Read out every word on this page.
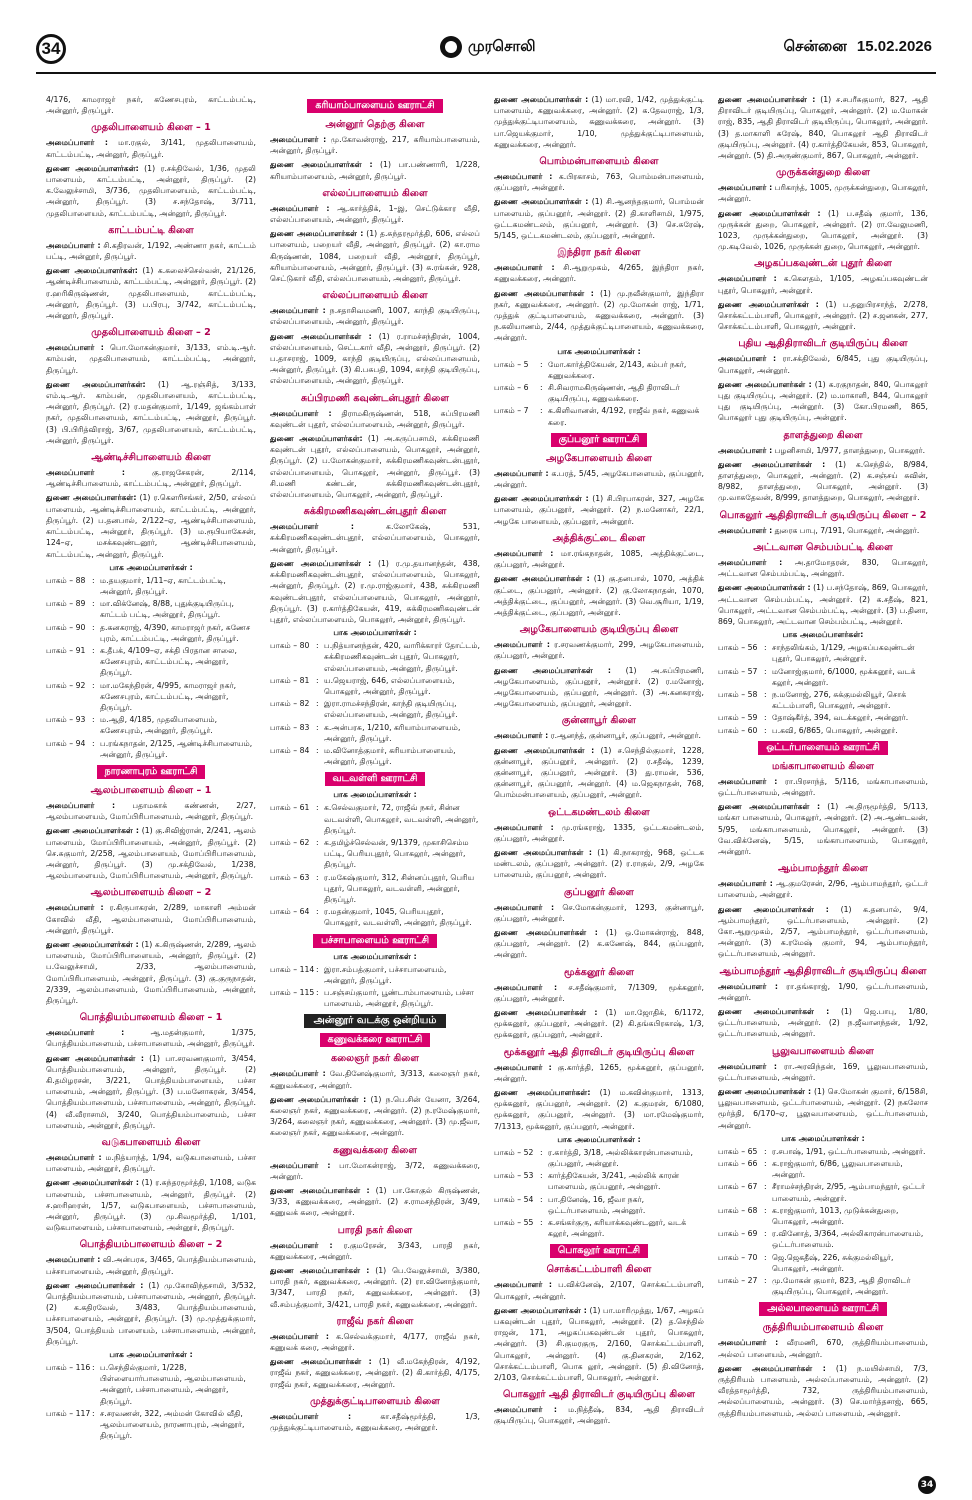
34	முரசொலி	சென்னை 15.02.2026

4/176, காமராஜர் நகர், கணேசபுரம், காட்டம்பட்டி, அன்னூர், திருப்பூர்.

முதலிபாளையம் கிளை – 1

அமைப்பாளர் : மா.ரகுல், 3/141, முதலிபாளையம், காட்டம்பட்டி, அன்னூர், திருப்பூர்.

துணை அமைப்பாளர்கள்: (1) ர.சக்திவேல், 1/36, முதலி பாளையம், காட்டம்பட்டி, அன்னூர், திருப்பூர். (2) க.வேலுச்சாமி, 3/736, முதலிபாளையம், காட்டம்பட்டி, அன்னூர், திருப்பூர். (3) ச.சந்தோஷ், 3/711, முதலிபாளையம், காட்டம்பட்டி, அன்னூர், திருப்பூர்.

காட்டம்பட்டி கிளை

அமைப்பாளர் : சி.கதிரவன், 1/192, அண்ணா நகர், காட்டம் பட்டி, அன்னூர், திருப்பூர்.

துணை அமைப்பாளர்கள்: (1) க.கலைச்செல்வன், 21/126, ஆண்டிச்சிபாளையம், காட்டம்பட்டி, அன்னூர், திருப்பூர். (2) ர.ஹரிகிருஷ்ணன், முதலிபாளையம், காட்டம்பட்டி, அன்னூர், திருப்பூர். (3) ப.பிரபு, 3/742, காட்டம்பட்டி, அன்னூர், திருப்பூர்.

முதலிபாளையம் கிளை – 2

அமைப்பாளர் : பொ.மோகன்குமார், 3/133, எம்.டி.ஆர். காம்பன், முதலிபாளையம், காட்டம்பட்டி, அன்னூர், திருப்பூர்.

துணை அமைப்பாளர்கள்: (1) ஆ.ரஞ்சித், 3/133, எம்.டி.ஆர். காம்பன், முதலிபாளையம், காட்டம்பட்டி, அன்னூர், திருப்பூர். (2) ர.மதன்குமார், 1/149, ஜங்கம்பாள் நகர், முதலிபாளையம், காட்டம்பட்டி, அன்னூர், திருப்பூர். (3) பி.பிரித்விராஜ், 3/67, முதலிபாளையம், காட்டம்பட்டி, அன்னூர், திருப்பூர்.

ஆண்டிச்சிபாளையம் கிளை

அமைப்பாளர் : கு.ராஜசேகரன், 2/114, ஆண்டிச்சிபாளையம், காட்டம்பட்டி, அன்னூர், திருப்பூர்.

துணை அமைப்பாளர்கள்: (1) ர.கௌரிசங்கர், 2/50, எல்லப் பாளையம், ஆண்டிச்சிபாளையம், காட்டம்பட்டி, அன்னூர், திருப்பூர். (2) ப.தனபால், 2/122–ஏ, ஆண்டிச்சிபாளையம், காட்டம்பட்டி, அன்னூர், திருப்பூர். (3) ம.ரூபியாகேசன், 124–ஏ, மசக்கவுண்டனூர், ஆண்டிச்சிபாளையம், காட்டம்பட்டி, அன்னூர், திருப்பூர்.

பாக அமைப்பாளர்கள் :
பாகம் – 88 : ம.தயகுமார், 1/11–ஏ, காட்டம்பட்டி, அன்னூர், திருப்பூர்.
பாகம் – 89 : மா.விக்னேஷ், 8/88, புதுக்குடியிருப்பு, காட்டம் பட்டி, அன்னூர், திருப்பூர்.
பாகம் – 90 : த.கனகராஜ், 4/390, காமராஜர் நகர், கணேச புரம், காட்டம்பட்டி, அன்னூர், திருப்பூர்.
பாகம் – 91 : க.தீபக், 4/109–ஏ, சக்தி பிரதான சாலை, கணேசபுரம், காட்டம்பட்டி, அன்னூர், திருப்பூர்.
பாகம் – 92 : மா.மகேந்திரன், 4/995, காமராஜர் நகர், கணேசபுரம், காட்டம்பட்டி, அன்னூர், திருப்பூர்.
பாகம் – 93 : ம.ஆதி, 4/185, முதலிபாளையம், கணேசபுரம், அன்னூர், திருப்பூர்.
பாகம் – 94 : ப.ரங்கநாதன், 2/125, ஆண்டிச்சிபாளையம், அன்னூர், திருப்பூர்.
நாரணாபுரம் ஊராட்சி
ஆலம்பாளையம் கிளை – 1

அமைப்பாளர் : பதாமகாக் கண்ணன், 2/27, ஆலம்பாளையம், மோப்பிரிபாளையம், அன்னூர், திருப்பூர்.

துணை அமைப்பாளர்கள் : (1) கு.சிவிஜ்ரான், 2/241, ஆலம் பாளையம், மோப்பிரிபாளையம், அன்னூர், திருப்பூர். (2) செ.சுகுமார், 2/258, ஆலம்பாளையம், மோப்பிரிபாளையம், அன்னூர், திருப்பூர். (3) மு.சக்திவேல், 1/238, ஆலம்பாளையம், மோப்பிரிபாளையம், அன்னூர், திருப்பூர்.

ஆலம்பாளையம் கிளை – 2

அமைப்பாளர் : ர.கிருபாகரன், 2/289, மாகாளி அம்மன் கோவில் வீதி, ஆலம்பாளையம், மோப்பிரிபாளையம், அன்னூர், திருப்பூர்.

துணை அமைப்பாளர்கள் : (1) க.கிருஷ்ணன், 2/289, ஆலம் பாளையம், மோப்பிரிபாளையம், அன்னூர், திருப்பூர். (2) ப.வேலுச்சாமி, 2/33, ஆலம்பாளையம், மோப்பிரிபாளையம், அன்னூர், திருப்பூர். (3) கு.குருநாதன், 2/339, ஆலம்பாளையம், மோப்பிரிபாளையம், அன்னூர், திருப்பூர்.

பொத்தியம்பாளையம் கிளை – 1

அமைப்பாளர் : ஆ.மதன்குமார், 1/375, பொத்தியம்பாளையம், பச்சாபாளையம், அன்னூர், திருப்பூர்.

துணை அமைப்பாளர்கள் : (1) பா.சரவணகுமார், 3/454, பொத்தியம்பாளையம், அன்னூர், திருப்பூர். (2) கி.தமிழரசன், 3/221, பொத்தியம்பாளையம், பச்சா பாளையம், அன்னூர், திருப்பூர். (3) ப.மனோகரன், 3/454, பொத்தியம்பாளையம், பச்சாபாளையம், அன்னூர், திருப்பூர். (4) வீ.வீராசாமி, 3/240, பொத்தியம்பாளையம், பச்சா பாளையம், அன்னூர், திருப்பூர்.

வடுகபாளையம் கிளை

அமைப்பாளர் : ம.நித்யாந்த், 1/94, வடுகபாளையம், பச்சா பாளையம், அன்னூர், திருப்பூர்.

துணை அமைப்பாளர்கள் : (1) ர.சுந்தரமூர்த்தி, 1/108, வடுக பாளையம், பச்சாபாளையம், அன்னூர், திருப்பூர். (2) ச.ஹரிஹரன், 1/57, வடுகபாளையம், பச்சாபாளையம், அன்னூர், திருப்பூர். (3) மு.சிவமூர்த்தி, 1/101, வடுகபாளையம், பச்சாபாளையம், அன்னூர், திருப்பூர்.

பொத்தியம்பாளையம் கிளை – 2

அமைப்பாளர் : வி.அன்பரசு, 3/465, பொத்தியம்பாளையம், பச்சாபாளையம், அன்னூர், திருப்பூர்.

துணை அமைப்பாளர்கள் : (1) மு.கோவிந்தசாமி, 3/532, பொத்தியம்பாளையம், பச்சாபாளையம், அன்னூர், திருப்பூர். (2) க.கதிரவேல், 3/483, பொத்தியம்பாளையம், பச்சாபாளையம், அன்னூர், திருப்பூர். (3) மு.முத்துக்குமார், 3/504, பொத்தியம் பாளையம், பச்சாபாளையம், அன்னூர், திருப்பூர்.

பாக அமைப்பாளர்கள் :
பாகம் – 116 : ப.செந்தில்குமார், 1/228, பிள்ளையார்பாளையம், ஆலம்பாளையம், அன்னூர், பச்சாபாளையம், அன்னூர், திருப்பூர்.
பாகம் – 117 : ச.சரவணன், 322, அம்மன் கோவில் வீதி, ஆலம்பாளையம், நாரணாபுரம், அன்னூர், திருப்பூர்.
கரியாம்பாளையம் ஊராட்சி
அன்னூர் தெற்கு கிளை

அமைப்பாளர் : மு.கோவன்ராஜ், 217, கரியாம்பாளையம், அன்னூர், திருப்பூர்.

துணை அமைப்பாளர்கள் : (1) பா.பண்ணாரி, 1/228, கரியாம்பாளையம், அன்னூர், திருப்பூர்.

எல்லப்பாளையம் கிளை

அமைப்பாளர் : ஆ.கார்த்திக், 1–இ, செட்டுக்கார வீதி, எல்லப்பாளையம், அன்னூர், திருப்பூர்.

துணை அமைப்பாளர்கள் : (1) த.சுந்தரமூர்த்தி, 606, எல்லப் பாளையம், பறையர் வீதி, அன்னூர், திருப்பூர். (2) கா.ராம கிருஷ்ணன், 1084, பறையர் வீதி, அன்னூர், திருப்பூர், கரியாம்பாளையம், அன்னூர், திருப்பூர். (3) சு.ரங்கன், 928, செட்டுகார் வீதி, எல்லப்பாளையம், அன்னூர், திருப்பூர்.

எல்லப்பாளையம் கிளை

அமைப்பாளர் : ந.சதாசிவமணி, 1007, காந்தி குடியிருப்பு, எல்லப்பாளையம், அன்னூர், திருப்பூர்.

துணை அமைப்பாளர்கள் : (1) ர.ராமச்சந்திரன், 1004, எல்லப்பாளையம், செட்டகார் வீதி, அன்னூர், திருப்பூர். (2) ப.தாசராஜ், 1009, காந்தி குடியிருப்பு, எல்லப்பாளையம், அன்னூர், திருப்பூர். (3) கி.பசுபதி, 1094, காந்தி குடியிருப்பு, எல்லப்பாளையம், அன்னூர், திருப்பூர்.

சுப்பிரமணி கவுண்டன்புதூர் கிளை

அமைப்பாளர் : திராமகிருஷ்ணன், 518, சுப்பிரமணி கவுண்டன் புதூர், எல்லப்பாளையம், அன்னூர், திருப்பூர்.

துணை அமைப்பாளர்கள்: (1) அ.கருப்பசாமி, சுக்கிரமணி கவுண்டன் புதூர், எல்லப்பாளையம், பொகலூர், அன்னூர், திருப்பூர். (2) ப.மோகன்குமார், சுக்கிரமணிகவுண்டன்புதூர், எல்லப்பாளையம், பொகலூர், அன்னூர், திருப்பூர். (3) சி.மணி கண்டன், சுக்கிரமணிகவுண்டன்புதூர், எல்லப்பாளையம், பொகலூர், அன்னூர், திருப்பூர்.

சுக்கிரமணிகவுண்டன்புதூர் கிளை

அமைப்பாளர் : க.லோகேஷ், 531, சுக்கிரமணிகவுண்டன்புதூர், எல்லப்பாளையம், பொகலூர், அன்னூர், திருப்பூர்.

துணை அமைப்பாளர்கள் : (1) ர.மு.தயானந்தன், 438, சுக்கிரமணிகவுண்டன்புதூர், எல்லப்பாளையம், பொகலூர், அன்னூர், திருப்பூர். (2) ர.மு.ராஜ்குமார், 438, சுக்கிரமணி கவுண்டன்புதூர், எல்லப்பாளையம், பொகலூர், அன்னூர், திருப்பூர். (3) ர.கார்த்திகேயன், 419, சுக்கிரமணிகவுண்டன் புதூர், எல்லப்பாளையம், பொகலூர், அன்னூர், திருப்பூர்.

பாக அமைப்பாளர்கள் :
பாகம் – 80 : ப.நித்யானந்தன், 420, வாரிக்காரர் தோட்டம், சுக்கிரமணிகவுண்டன் புதூர், பொகலூர், எல்லப்பாளையம், அன்னூர், திருப்பூர்.
பாகம் – 81 : ய.ஜெயராஜ், 646, எல்லப்பாளையம், பொகலூர், அன்னூர், திருப்பூர்.
பாகம் – 82 : இரா.ராமச்சந்திரன், காந்தி குடியிருப்பு, எல்லப்பாளையம், அன்னூர், திருப்பூர்.
பாகம் – 83 : க.அன்பரசு, 1/210, கரியாம்பாளையம், அன்னூர், திருப்பூர்.
பாகம் – 84 : ம.வினோத்குமார், கரியாம்பாளையம், அன்னூர், திருப்பூர்.
வடவள்ளி ஊராட்சி
பாக அமைப்பாளர்கள் :
பாகம் – 61 : க.செல்வகுமார், 72, ராஜீவ் நகர், சின்ன வடவள்ளி, பொகலூர், வடவள்ளி, அன்னூர், திருப்பூர்.
பாகம் – 62 : க.தமிழ்ச்செல்வன், 9/1379, முகாசிசெம்ம பட்டி, பெரியபுதூர், பொகலூர், அன்னூர், திருப்பூர்.
பாகம் – 63 : ர.மகேஷ்குமார், 312, சின்னப்புதூர், பெரிய புதூர், பொகலூர், வடவள்ளி, அன்னூர், திருப்பூர்.
பாகம் – 64 : ர.மதன்குமார், 1045, பெரியபுதூர், பொகலூர், வடவள்ளி, அன்னூர், திருப்பூர்.
பச்சாபாளையம் ஊராட்சி
பாக அமைப்பாளர்கள் :
பாகம் – 114 : இரா.சம்பத்குமார், பச்சாபாளையம், அன்னூர், திருப்பூர்.
பாகம் – 115 : ப.சஞ்சய்குமார், பூண்டாம்பாளையம், பச்சா பாளையம், அன்னூர், திருப்பூர்.
அன்னூர் வடக்கு ஒன்றியம்
கணுவக்கரை ஊராட்சி
கலைஞர் நகர் கிளை

அமைப்பாளர் : வே.தினேஷ்குமார், 3/313, கலைஞர் நகர், கணுவக்கரை, அன்னூர்.

துணை அமைப்பாளர்கள் : (1) ந.பெ.சின் யேனா, 3/264, கலைஞர் நகர், கணுவக்கரை, அன்னூர். (2) ந.ரமேஷ்குமார், 3/264, கலைஞர் நகர், கணுவக்கரை, அன்னூர். (3) மு.ஜீவா, கலைஞர் நகர், கணுவக்கரை, அன்னூர்.

கணுவக்கரை கிளை

அமைப்பாளர் : பா.மோகன்ராஜ், 3/72, கணுவக்கரை, அன்னூர்.

துணை அமைப்பாளர்கள் : (1) பா.கோகுல் கிருஷ்ணன், 3/33, கணுவக்கரை, அன்னூர். (2) ச.ராமசந்திரன், 3/49, கணுவக் கரை, அன்னூர்.

பாரதி நகர் கிளை

அமைப்பாளர் : ர.குமரேசன், 3/343, பாரதி நகர், கணுவக்கரை, அன்னூர்.

துணை அமைப்பாளர்கள் : (1) பெ.வேலுச்சாமி, 3/380, பாரதி நகர், கணுவக்கரை, அன்னூர். (2) ரா.வினோத்குமார், 3/347, பாரதி நகர், கணுவக்கரை, அன்னூர். (3) வீ.சம்பத்குமார், 3/421, பாரதி நகர், கணுவக்கரை, அன்னூர்.

ராஜீவ் நகர் கிளை

அமைப்பாளர் : க.செல்வக்குமார், 4/177, ராஜீவ் நகர், கணுவக் கரை, அன்னூர்.

துணை அமைப்பாளர்கள் : (1) வீ.மகேந்திரன், 4/192, ராஜீவ் நகர், கணுவக்கரை, அன்னூர். (2) கி.கார்த்தி, 4/175, ராஜீவ் நகர், கணுவக்கரை, அன்னூர்.

முத்துக்குட்டிபாளையம் கிளை

அமைப்பாளர் : கா.சதீஷ்மூர்த்தி, 1/3, முத்துக்குட்டிபாளையம், கணுவக்கரை, அன்னூர்.

துணை அமைப்பாளர்கள் : (1) மா.ரவி, 1/42, முத்துக்குட்டி பாளையம், கணுவக்கரை, அன்னூர். (2) க.தேவராஜ், 1/3, முத்துக்குட்டிபாளையம், கணுவக்கரை, அன்னூர். (3) பா.ஜெயக்குமார், 1/10, முத்துக்குட்டிபாளையம், கணுவக்கரை, அன்னூர்.

பொம்மன்பாளையம் கிளை

அமைப்பாளர் : க.பிரகாசம், 763, பொம்மன்பாளையம், குப்பனூர், அன்னூர்.

துணை அமைப்பாளர்கள் : (1) சி.ஆனந்தகுமார், பொம்மன் பாளையம், குப்பனூர், அன்னூர். (2) தி.காளிசாமி, 1/975, ஒட்டகமண்டலம், குப்பனூர், அன்னூர். (3) செ.சுரேஷ், 5/145, ஒட்டகமண்டலம், குப்பனூர், அன்னூர்.

இந்திரா நகர் கிளை

அமைப்பாளர் : சி.ஆறுமுகம், 4/265, இந்திரா நகர், கணுவக்கரை, அன்னூர்.

துணை அமைப்பாளர்கள் : (1) மு.நவீன்குமார், இந்திரா நகர், கணுவக்கரை, அன்னூர். (2) மு.மோகன் ராஜ், 1/71, முத்துக் குட்டிபாளையம், கணுவக்கரை, அன்னூர். (3) ந.கலியாணம், 2/44, முத்துக்குட்டிபாளையம், கணுவக்கரை, அன்னூர்.

பாக அமைப்பாளர்கள் :
பாகம் – 5	: மோ.கார்த்திகேயன், 2/143, கம்பர் நகர், கணுவக்கரை.
பாகம் – 6	: சி.சிவராமகிருஷ்ணன், ஆதி திராவிடர் குடியிருப்பு, கணுவக்கரை.
பாகம் – 7	: க.கிளிவானன், 4/192, ராஜீவ் நகர், கணுவக் கரை.
குப்பனூர் ஊராட்சி
அழகேபாளையம் கிளை

அமைப்பாளர் : க.பரத், 5/45, அழகேபாளையம், குப்பனூர், அன்னூர்.

துணை அமைப்பாளர்கள் : (1) சி.பிரபாகரன், 327, அழகே பாளையம், குப்பனூர், அன்னூர். (2) ந.மனோகர், 22/1, அழகே பாளையம், குப்பனூர், அன்னூர்.

அத்திக்குட்டை கிளை

அமைப்பாளர் : மா.ரங்கநாதன், 1085, அத்திக்குட்டை, குப்பனூர், அன்னூர்.

துணை அமைப்பாளர்கள் : (1) கு.தனபால், 1070, அத்திக் குட்டை, குப்பனூர், அன்னூர். (2) கு.லோகநாதன், 1070, அத்திக்குட்டை, குப்பனூர், அன்னூர். (3) வெ.சூரியா, 1/19, அத்திக்குட்டை, குப்பனூர், அன்னூர்.

அழகேபாளையம் குடியிருப்பு கிளை

அமைப்பாளர் : ர.சரவணக்குமார், 299, அழகேபாளையம், குப்பனூர், அன்னூர்.

துணை அமைப்பாளர்கள் : (1) அ.சுப்பிரமணி, அழகேபாளையம், குப்பனூர், அன்னூர். (2) ர.மனோஜ், அழகேபாளையம், குப்பனூர், அன்னூர். (3) அ.கனகராஜ், அழகேபாளையம், குப்பனூர், அன்னூர்.

குன்னாபூர் கிளை

அமைப்பாளர் : ர.ஆனந்த், குன்னாபூர், குப்பனூர், அன்னூர்.

துணை அமைப்பாளர்கள் : (1) ச.செந்தில்குமார், 1228, குன்னாபூர், குப்பனூர், அன்னூர். (2) ர.சதீஷ், 1239, குன்னாபூர், குப்பனூர், அன்னூர். (3) து.ராமன், 536, குன்னாபூர், குப்பனூர், அன்னூர். (4) ம.ஜெகநாதன், 768, பொம்மன்பாளையம், குப்பனூர், அன்னூர்.

ஒட்டகமண்டலம் கிளை

அமைப்பாளர் : மு.ரங்கராஜ், 1335, ஒட்டகமண்டலம், குப்பனூர், அன்னூர்.

துணை அமைப்பாளர்கள் : (1) கி.நாகராஜ், 968, ஒட்டக மண்டலம், குப்பனூர், அன்னூர். (2) ர.ராகுல், 2/9, அழகே பாளையம், குப்பனூர், அன்னூர்.

குப்பனூர் கிளை

அமைப்பாளர் : செ.மோகன்குமார், 1293, குன்னாபூர், குப்பனூர், அன்னூர்.

துணை அமைப்பாளர்கள் : (1) ஒ.மோகன்ராஜ், 848, குப்பனூர், அன்னூர். (2) க.கணேஷ், 844, குப்பனூர், அன்னூர்.

மூக்கனூர் கிளை

அமைப்பாளர் : ச.சதீஷ்குமார், 7/1309, மூக்கனூர், குப்பனூர், அன்னூர்.

துணை அமைப்பாளர்கள் : (1) மா.ஜோதிக், 6/1172, மூக்கனூர், குப்பனூர், அன்னூர். (2) கி.தங்கபிரகாஷ், 1/3, மூக்கனூர், குப்பனூர், அன்னூர்.

மூக்கனூர் ஆதி திராவிடர் குடியிருப்பு கிளை

அமைப்பாளர் : கு.கார்த்தி, 1265, மூக்கனூர், குப்பனூர், அன்னூர்.

துணை அமைப்பாளர்கள்: (1) ம.கவின்குமார், 1313, மூக்கனூர், குப்பனூர், அன்னூர். (2) க.குமரன், 6/1080, மூக்கனூர், குப்பனூர், அன்னூர். (3) மா.ரமேஷ்குமார், 7/1313, மூக்கனூர், குப்பனூர், அன்னூர்.

பாக அமைப்பாளர்கள் :
பாகம் – 52 : ர.கார்த்தி, 3/18, அல்லிக்காரன்பாளையம், குப்பனூர், அன்னூர்.
பாகம் – 53 : கார்த்திகேயன், 3/241, அல்லிக் காரன் பாளையம், குப்பனூர், அன்னூர்.
பாகம் – 54 : பா.தினேஷ், 16, ஜீவா நகர், ஒட்டர்பாளையம், அன்னூர்.
பாகம் – 55 : க.சங்கர்குரு, கரியாக்கவுண்டனூர், வடக் கலூர், அன்னூர்.
பொகலூர் ஊராட்சி
சொக்கட்டம்பாளி கிளை

அமைப்பாளர் : ப.விக்னேஷ், 2/107, சொக்கட்டம்பாளி, பொகலூர், அன்னூர்.

துணை அமைப்பாளர்கள் : (1) பா.மாரிமுத்து, 1/67, அழகப் பகவுண்டன் புதூர், பொகலூர், அன்னூர். (2) த.செந்தில் ராஜன், 171, அழகப்பகவுண்டன் புதூர், பொகலூர், அன்னூர். (3) சி.குமரகுரு, 2/160, சொக்கட்டம்பாளி, பொகலூர், அன்னூர். (4) கு.தினகரன், 2/162, சொக்கட்டம்பாளி, பொக லூர், அன்னூர். (5) தி.வினோத், 2/103, சொக்கட்டம்பாளி, பொகலூர், அன்னூர்.

பொகலூர் ஆதி திராவிடர் குடியிருப்பு கிளை

அமைப்பாளர் : ம.நித்தீஷ், 834, ஆதி திராவிடர் குடியிருப்பு, பொகலூர், அன்னூர்.

துணை அமைப்பாளர்கள் : (1) ச.சபரீசுகுமார், 827, ஆதி திராவிடர் குடியிருப்பு, பொகலூர், அன்னூர். (2) ம.மோகன் ராஜ், 835, ஆதி திராவிடர் குடியிருப்பு, பொகலூர், அன்னூர். (3) த.மாகாளி சுரேஷ், 840, பொகலூர் ஆதி திராவிடர் குடியிருப்பு, அன்னூர். (4) ர.கார்த்திகேயன், 853, பொகலூர், அன்னூர். (5) தி.அருண்குமார், 867, பொகலூர், அன்னூர்.

முருக்கன்துறை கிளை

அமைப்பாளர் : பரிகாந்த், 1005, முருக்கன்துறை, பொகலூர், அன்னூர்.

துணை அமைப்பாளர்கள் : (1) ப.சதீஷ் குமார், 136, முருக்கன் துறை, பொகலூர், அன்னூர். (2) ரா.வேலுமணி, 1023, முருக்கன்துறை, பொகலூர், அன்னூர். (3) மு.கடிவேல், 1026, முருக்கன் துறை, பொகலூர், அன்னூர்.

அழகப்பகவுண்டன் புதூர் கிளை

அமைப்பாளர் : க.கௌதம், 1/105, அழகப்பகவுண்டன் புதூர், பொகலூர், அன்னூர்.

துணை அமைப்பாளர்கள் : (1) ப.தனுபிரசாந்த், 2/278, சொக்கட்டம்பாளி, பொகலூர், அன்னூர். (2) ச.ஜனகன், 277, சொக்கட்டம்பாளி, பொகலூர், அன்னூர்.

புதிய ஆதிதிராவிடர் குடியிருப்பு கிளை

அமைப்பாளர் : ரா.சக்திவேல், 6/845, புது குடியிருப்பு, பொகலூர், அன்னூர்.

துணை அமைப்பாளர்கள் : (1) க.ரகுநாதன், 840, பொகலூர் புது குடியிருப்பு, அன்னூர். (2) ம.மாகாளி, 844, பொகலூர் புது குடியிருப்பு, அன்னூர். (3) கோ.பிரமணி, 865, பொகலூர் புது குடியிருப்பு, அன்னூர்.

தாளத்துறை கிளை

அமைப்பாளர் : பழனிசாமி, 1/977, தாளத்துறை, பொகலூர்.

துணை அமைப்பாளர்கள் : (1) க.செந்தில், 8/984, தாளத்துறை, பொகலூர், அன்னூர். (2) க.சஞ்சய் சுவின், 8/982, தாளத்துறை, பொகலூர், அன்னூர். (3) மு.வாசுதேவன், 8/999, தாளத்துறை, பொகலூர், அன்னூர்.

பொகலூர் ஆதிதிராவிடர் குடியிருப்பு கிளை – 2

அமைப்பாளர் : துரைக பாபு, 7/191, பொகலூர், அன்னூர்.

அட்டவான செம்பம்பட்டி கிளை

அமைப்பாளர் : அ.தாமோதரன், 830, பொகலூர், அட்டவான செம்பம்பட்டி, அன்னூர்.

துணை அமைப்பாளர்கள் : (1) ப.சந்தோஷ், 869, பொகலூர், அட்டவான செம்பம்பட்டி, அன்னூர். (2) க.சதீஷ், 821, பொகலூர், அட்டவான செம்பம்பட்டி, அன்னூர். (3) ப.தினா, 869, பொகலூர், அட்டவான செம்பம்பட்டி, அன்னூர்.

பாக அமைப்பாளர்கள்:
பாகம் – 56 : சாந்தலிங்கம், 1/129, அழகப்பகவுண்டன் புதூர், பொகலூர், அன்னூர்.
பாகம் – 57 : மனோஜ்குமார், 6/1000, மூக்கனூர், வடக் கலூர், அன்னூர்.
பாகம் – 58 : ந.மனோஜ், 276, சுக்குமல்லியூர், சொக் கட்டம்பாளி, பொகலூர், அன்னூர்.
பாகம் – 59 : தோஷ்கீர்த், 394, வடக்கலூர், அன்னூர்.
பாகம் – 60 : ப.கவி, 6/865, பொகலூர், அன்னூர்.
ஒட்டர்பாளையம் ஊராட்சி
மங்காபாளையம் கிளை

அமைப்பாளர் : ரா.பிரசாந்த், 5/116, மங்காபாளையம், ஒட்டர்பாளையம், அன்னூர்.

துணை அமைப்பாளர்கள் : (1) அ.திருமூர்த்தி, 5/113, மங்கா பாளையம், பொகலூர், அன்னூர். (2) அ.ஆண்டவன், 5/95, மங்காபாளையம், பொகலூர், அன்னூர். (3) வே.விக்னேஷ், 5/15, மங்காபாளையம், பொகலூர், அன்னூர்.

ஆம்பாமந்தூர் கிளை

அமைப்பாளர் : ஆ.குமரேசன், 2/96, ஆம்பாமந்தூர், ஒட்டர் பாளையம், அன்னூர்.

துணை அமைப்பாளர்கள் : (1) க.தனபால், 9/4, ஆம்பாமந்தூர், ஒட்டர்பாளையம், அன்னூர். (2) கோ.ஆறுமுகம், 2/57, ஆம்பாமந்தூர், ஒட்டர்பாளையம், அன்னூர். (3) க.ரமேஷ் குமார், 94, ஆம்பாமந்தூர், ஒட்டர்பாளையம், அன்னூர்.

ஆம்பாமந்தூர் ஆதிதிராவிடர் குடியிருப்பு கிளை

அமைப்பாளர் : ரா.தங்கராஜ், 1/90, ஒட்டர்பாளையம், அன்னூர்.

துணை அமைப்பாளர்கள் : (1) ஜெ.பாபு, 1/80, ஒட்டர்பாளையம், அன்னூர். (2) ந.ஜீவானந்தன், 1/92, ஒட்டர்பாளையம், அன்னூர்.

பூலுவபாளையம் கிளை

அமைப்பாளர் : ரா.அரவிந்தன், 169, பூலுவபாளையம், ஒட்டர்பாளையம், அன்னூர்.

துணை அமைப்பாளர்கள் : (1) செ.மோகன் குமார், 6/158சி, பூலுவபாளையம், ஒட்டர்பாளையம், அன்னூர். (2) நகலோச மூர்த்தி, 6/170–ஏ, பூலுவபாளையம், ஒட்டர்பாளையம், அன்னூர்.

பாக அமைப்பாளர்கள் :
பாகம் – 65 : ர.சபாஷ், 1/91, ஒட்டர்பாளையம், அன்னூர்.
பாகம் – 66 : க.ராஜ்குமார், 6/86, பூலுவபாளையம், அன்னூர்.
பாகம் – 67 : சீராமச்சந்திரன், 2/95, ஆம்பாமந்தூர், ஒட்டர் பாளையம், அன்னூர்.
பாகம் – 68 : க.ராஜ்குமார், 1013, முடுக்கன்துறை, பொகலூர், அன்னூர்.
பாகம் – 69 : ர.வினோத், 3/364, அல்லிகாரன்பாளையம், ஒட்டர்பாளையம்.
பாகம் – 70 : ஜெ.ஜெகதீஷ், 226, சுக்குமல்லியூர், பொகலூர், அன்னூர்.
பாகம் – 27 : மு.மோகன் குமார், 823, ஆதி திராவிடர் குடியிருப்பு, பொகலூர், அன்னூர்.
அல்லபாளையம் ஊராட்சி
ருத்திரியம்பாளையம் கிளை

அமைப்பாளர் : வீரமணி, 670, ருத்திரியம்பாளையம், அல்லப் பாளையம், அன்னூர்.

துணை அமைப்பாளர்கள் : (1) ந.மயில்சாமி, 7/3, ருத்திரியம் பாளையம், அல்லப்பாளையம், அன்னூர். (2) வீரத்தாமூர்த்தி, 732, ருத்திரியம்பாளையம், அல்லப்பாளையம், அன்னூர். (3) செ.மார்த்தசாஜ், 665, ருத்திரியம்பாளையம், அல்லப் பாளையம், அன்னூர்.

34
